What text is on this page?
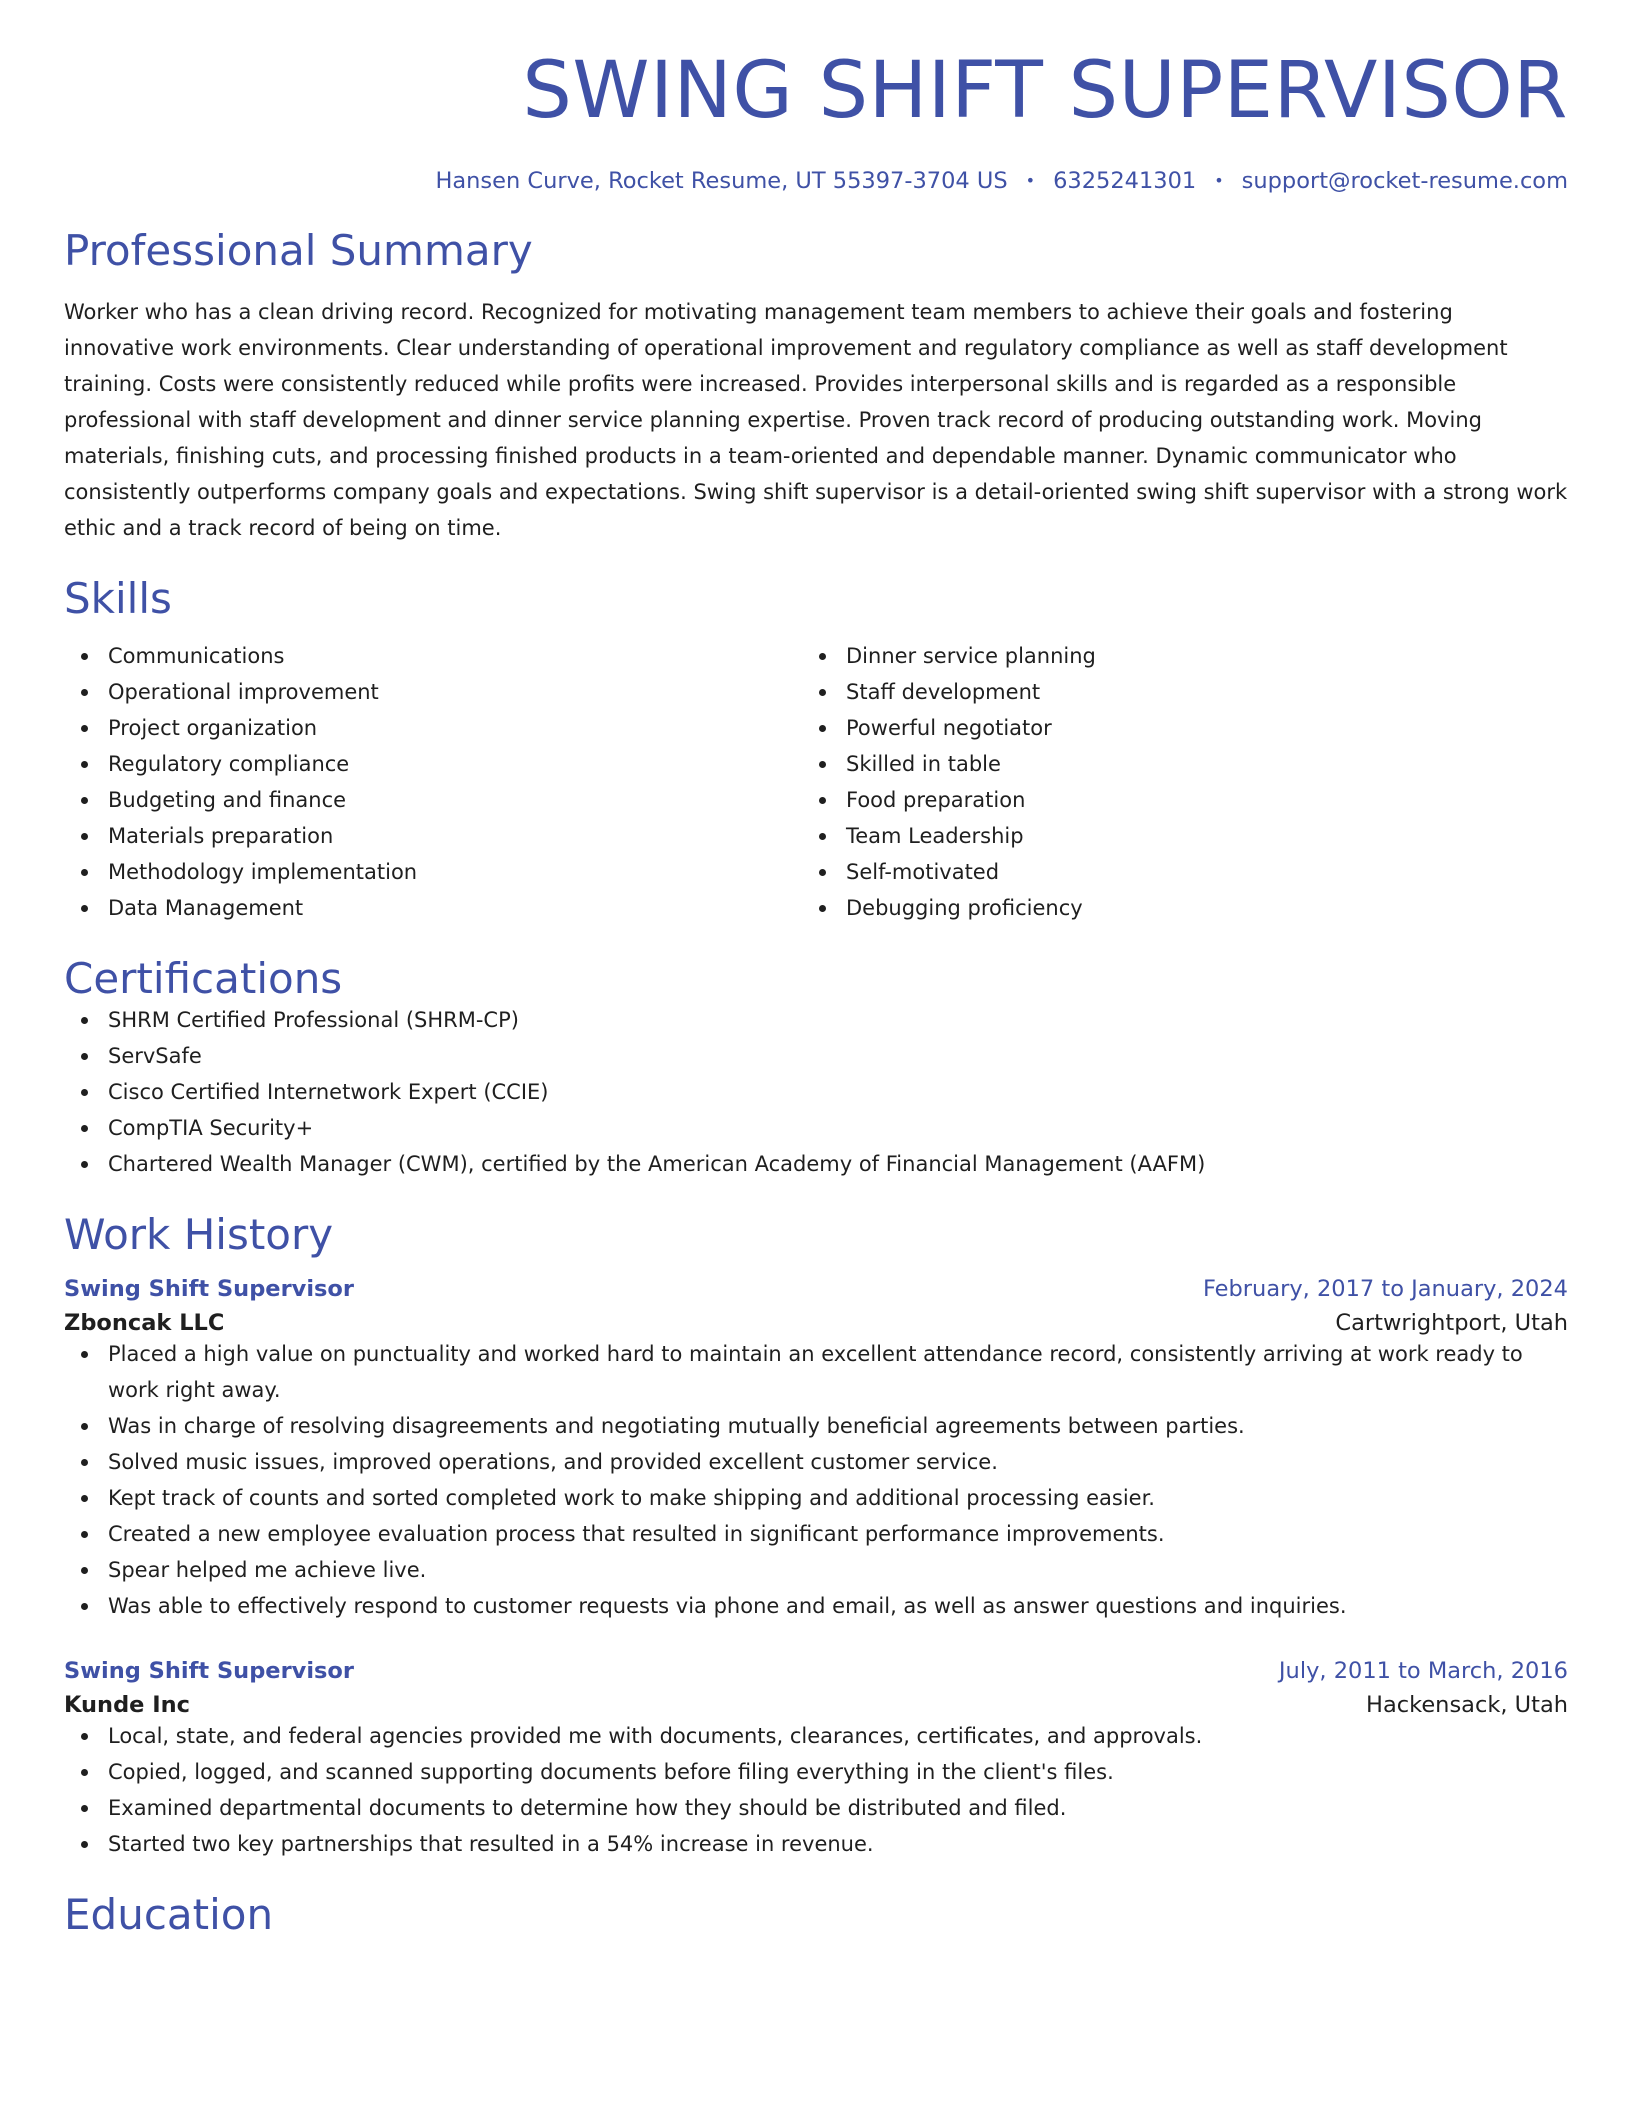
SWING SHIFT SUPERVISOR
Hansen Curve, Rocket Resume, UT 55397-3704 US • 6325241301 • support@rocket-resume.com
Professional Summary

Worker who has a clean driving record. Recognized for motivating management team members to achieve their goals and fostering innovative work environments. Clear understanding of operational improvement and regulatory compliance as well as staff development training. Costs were consistently reduced while profits were increased. Provides interpersonal skills and is regarded as a responsible professional with staff development and dinner service planning expertise. Proven track record of producing outstanding work. Moving materials, finishing cuts, and processing finished products in a team-oriented and dependable manner. Dynamic communicator who consistently outperforms company goals and expectations. Swing shift supervisor is a detail-oriented swing shift supervisor with a strong work ethic and a track record of being on time.

Skills
Communications
Operational improvement
Project organization
Regulatory compliance
Budgeting and finance
Materials preparation
Methodology implementation
Data Management
Dinner service planning
Staff development
Powerful negotiator
Skilled in table
Food preparation
Team Leadership
Self-motivated
Debugging proficiency
Certifications
SHRM Certified Professional (SHRM-CP)
ServSafe
Cisco Certified Internetwork Expert (CCIE)
CompTIA Security+
Chartered Wealth Manager (CWM), certified by the American Academy of Financial Management (AAFM)
Work History
Swing Shift Supervisor	February, 2017 to January, 2024
Zboncak LLC	Cartwrightport, Utah
Placed a high value on punctuality and worked hard to maintain an excellent attendance record, consistently arriving at work ready to work right away.
Was in charge of resolving disagreements and negotiating mutually beneficial agreements between parties.
Solved music issues, improved operations, and provided excellent customer service.
Kept track of counts and sorted completed work to make shipping and additional processing easier.
Created a new employee evaluation process that resulted in significant performance improvements.
Spear helped me achieve live.
Was able to effectively respond to customer requests via phone and email, as well as answer questions and inquiries.
Swing Shift Supervisor	July, 2011 to March, 2016
Kunde Inc	Hackensack, Utah
Local, state, and federal agencies provided me with documents, clearances, certificates, and approvals.
Copied, logged, and scanned supporting documents before filing everything in the client's files.
Examined departmental documents to determine how they should be distributed and filed.
Started two key partnerships that resulted in a 54% increase in revenue.
Education
